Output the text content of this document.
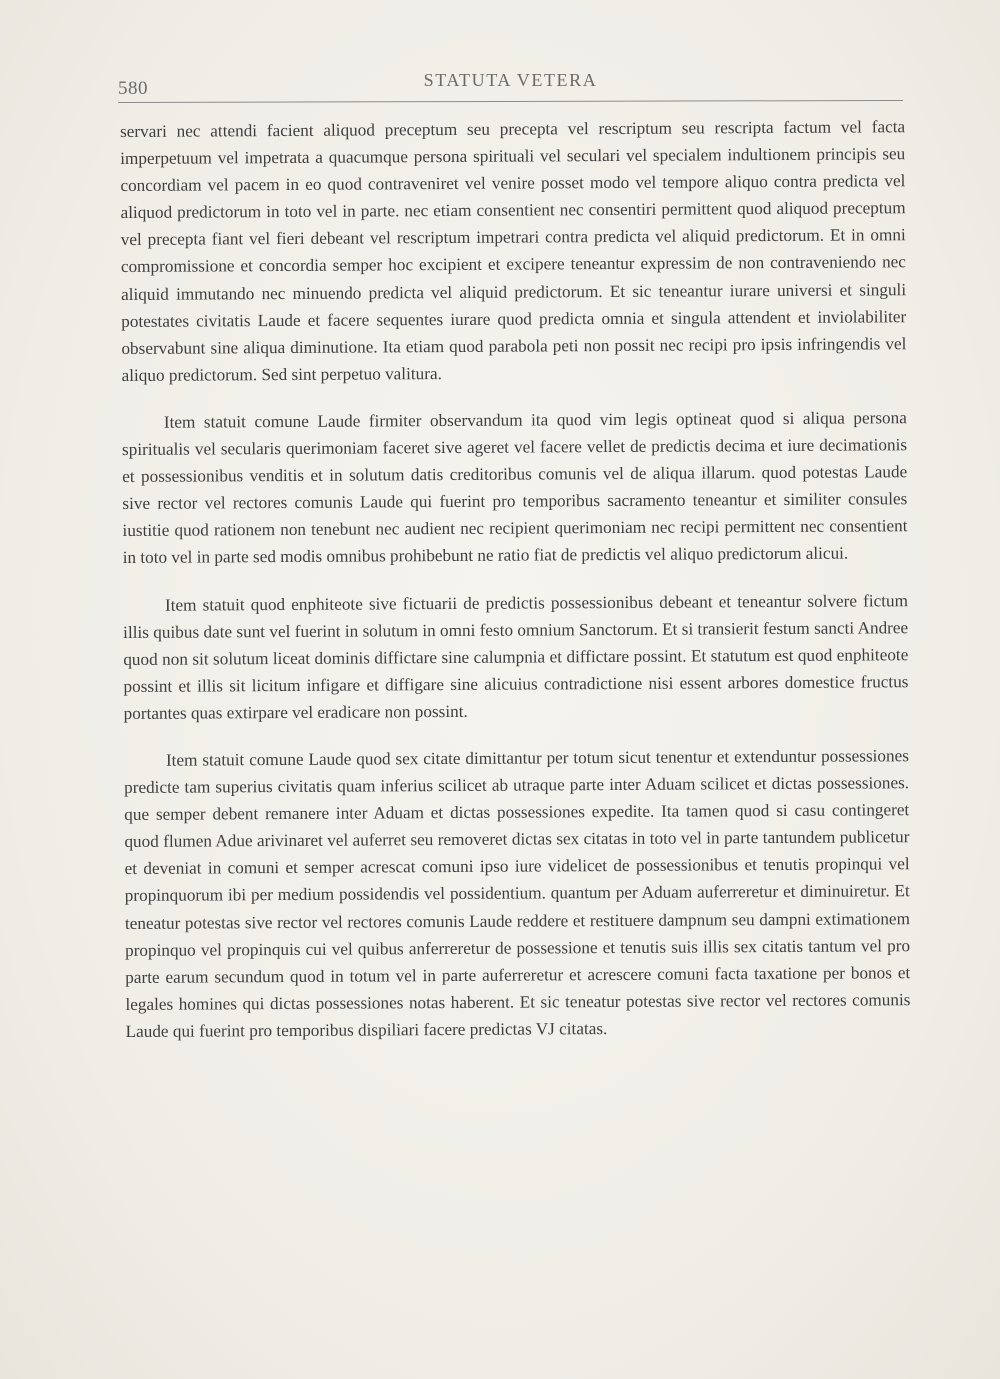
580	STATUTA VETERA

servari nec attendi facient aliquod preceptum seu precepta vel rescriptum seu rescripta factum vel facta imperpetuum vel impetrata a quacumque persona spirituali vel seculari vel specialem indultionem principis seu concordiam vel pacem in eo quod contraveniret vel venire posset modo vel tempore aliquo contra predicta vel aliquod predictorum in toto vel in parte. nec etiam consentient nec consentiri permittent quod aliquod preceptum vel precepta fiant vel fieri debeant vel rescriptum impetrari contra predicta vel aliquid predictorum. Et in omni compromissione et concordia semper hoc excipient et excipere teneantur expressim de non contraveniendo nec aliquid immutando nec minuendo predicta vel aliquid predictorum. Et sic teneantur iurare universi et singuli potestates civitatis Laude et facere sequentes iurare quod predicta omnia et singula attendent et inviolabiliter observabunt sine aliqua diminutione. Ita etiam quod parabola peti non possit nec recipi pro ipsis infringendis vel aliquo predictorum. Sed sint perpetuo valitura.

Item statuit comune Laude firmiter observandum ita quod vim legis optineat quod si aliqua persona spiritualis vel secularis querimoniam faceret sive ageret vel facere vellet de predictis decima et iure decimationis et possessionibus venditis et in solutum datis creditoribus comunis vel de aliqua illarum. quod potestas Laude sive rector vel rectores comunis Laude qui fuerint pro temporibus sacramento teneantur et similiter consules iustitie quod rationem non tenebunt nec audient nec recipient querimoniam nec recipi permittent nec consentient in toto vel in parte sed modis omnibus prohibebunt ne ratio fiat de predictis vel aliquo predictorum alicui.

Item statuit quod enphiteote sive fictuarii de predictis possessionibus debeant et teneantur solvere fictum illis quibus date sunt vel fuerint in solutum in omni festo omnium Sanctorum. Et si transierit festum sancti Andree quod non sit solutum liceat dominis diffictare sine calumpnia et diffictare possint. Et statutum est quod enphiteote possint et illis sit licitum infigare et diffigare sine alicuius contradictione nisi essent arbores domestice fructus portantes quas extirpare vel eradicare non possint.

Item statuit comune Laude quod sex citate dimittantur per totum sicut tenentur et extenduntur possessiones predicte tam superius civitatis quam inferius scilicet ab utraque parte inter Aduam scilicet et dictas possessiones. que semper debent remanere inter Aduam et dictas possessiones expedite. Ita tamen quod si casu contingeret quod flumen Adue arivinaret vel auferret seu removeret dictas sex citatas in toto vel in parte tantundem publicetur et deveniat in comuni et semper acrescat comuni ipso iure videlicet de possessionibus et tenutis propinqui vel propinquorum ibi per medium possidendis vel possidentium. quantum per Aduam auferreretur et diminuiretur. Et teneatur potestas sive rector vel rectores comunis Laude reddere et restituere dampnum seu dampni extimationem propinquo vel propinquis cui vel quibus anferreretur de possessione et tenutis suis illis sex citatis tantum vel pro parte earum secundum quod in totum vel in parte auferreretur et acrescere comuni facta taxatione per bonos et legales homines qui dictas possessiones notas haberent. Et sic teneatur potestas sive rector vel rectores comunis Laude qui fuerint pro temporibus dispiliari facere predictas VJ citatas.
